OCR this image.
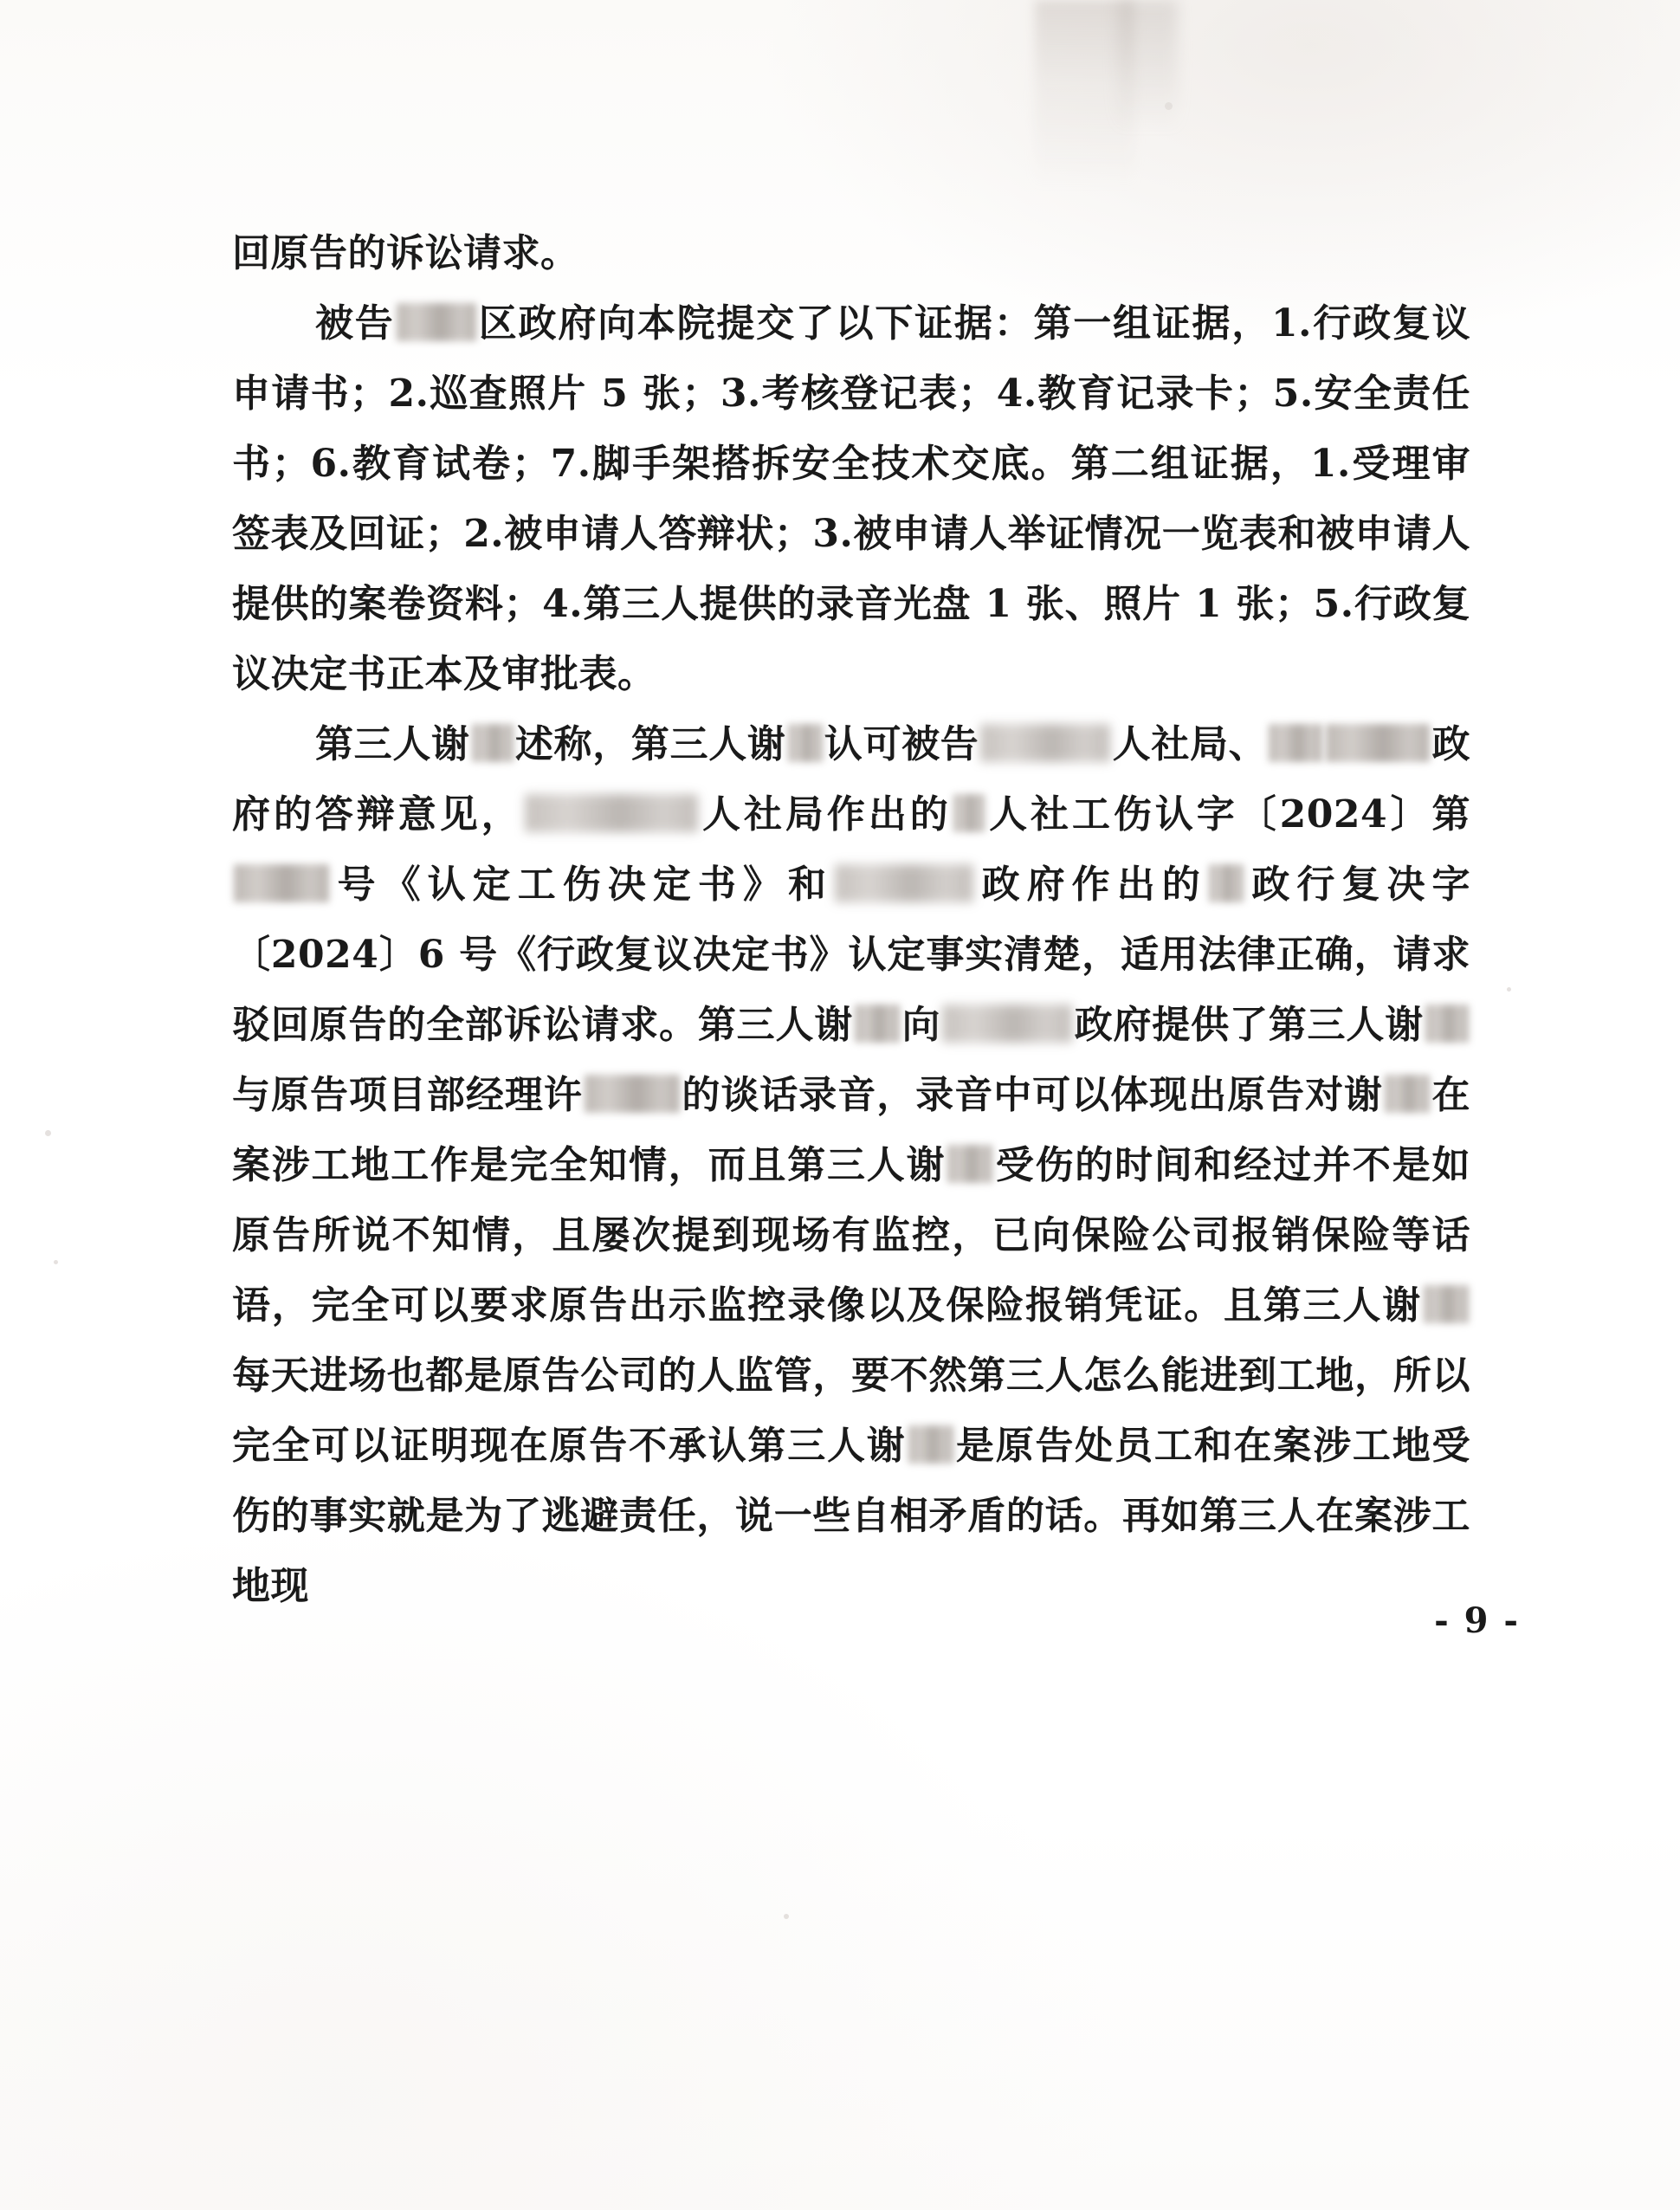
回原告的诉讼请求。

被告 区政府向本院提交了以下证据：第一组证据，1.行政复议申请书；2.巡查照片 5 张；3.考核登记表；4.教育记录卡；5.安全责任书；6.教育试卷；7.脚手架搭拆安全技术交底。第二组证据，1.受理审签表及回证；2.被申请人答辩状；3.被申请人举证情况一览表和被申请人提供的案卷资料；4.第三人提供的录音光盘 1 张、照片 1 张；5.行政复议决定书正本及审批表。

第三人谢 述称，第三人谢 认可被告	人社局、	政府的答辩意见，	人社局作出的 人社工伤认字〔2024〕第号《认定工伤决定书》和	政府作出的 政行复决字〔2024〕6 号《行政复议决定书》认定事实清楚，适用法律正确，请求驳回原告的全部诉讼请求。第三人谢 向	政府提供了第三人谢与原告项目部经理许	的谈话录音，录音中可以体现出原告对谢 在案涉工地工作是完全知情，而且第三人谢 受伤的时间和经过并不是如原告所说不知情，且屡次提到现场有监控，已向保险公司报销保险等话语，完全可以要求原告出示监控录像以及保险报销凭证。且第三人谢每天进场也都是原告公司的人监管，要不然第三人怎么能进到工地，所以完全可以证明现在原告不承认第三人谢 是原告处员工和在案涉工地受伤的事实就是为了逃避责任，说一些自相矛盾的话。再如第三人在案涉工地现

- 9 -
